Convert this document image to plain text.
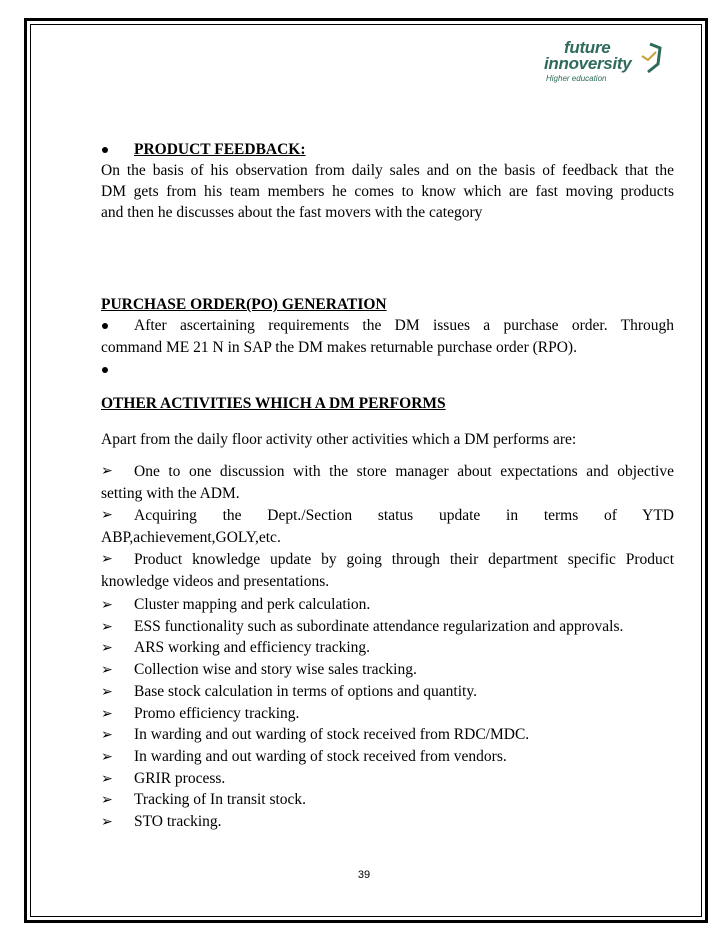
future
innoversity
Higher education
PRODUCT FEEDBACK:
On the basis of his observation from daily sales and on the basis of feedback that the
DM gets from his team members he comes to know which are fast moving products
and then he discusses about the fast movers with the category
PURCHASE ORDER(PO) GENERATION
After ascertaining requirements the DM issues a purchase order. Through
command ME 21 N in SAP the DM makes returnable purchase order (RPO).
OTHER ACTIVITIES WHICH A DM PERFORMS
Apart from the daily floor activity other activities which a DM performs are:
➢	One to one discussion with the store manager about expectations and objective
setting with the ADM.
➢	Acquiring the Dept./Section status update in terms of YTD
ABP,achievement,GOLY,etc.
➢	Product knowledge update by going through their department specific Product
knowledge videos and presentations.
➢ Cluster mapping and perk calculation.
➢ ESS functionality such as subordinate attendance regularization and approvals.
➢ ARS working and efficiency tracking.
➢ Collection wise and story wise sales tracking.
➢ Base stock calculation in terms of options and quantity.
➢ Promo efficiency tracking.
➢ In warding and out warding of stock received from RDC/MDC.
➢ In warding and out warding of stock received from vendors.
➢ GRIR process.
➢ Tracking of In transit stock.
➢ STO tracking.
39
